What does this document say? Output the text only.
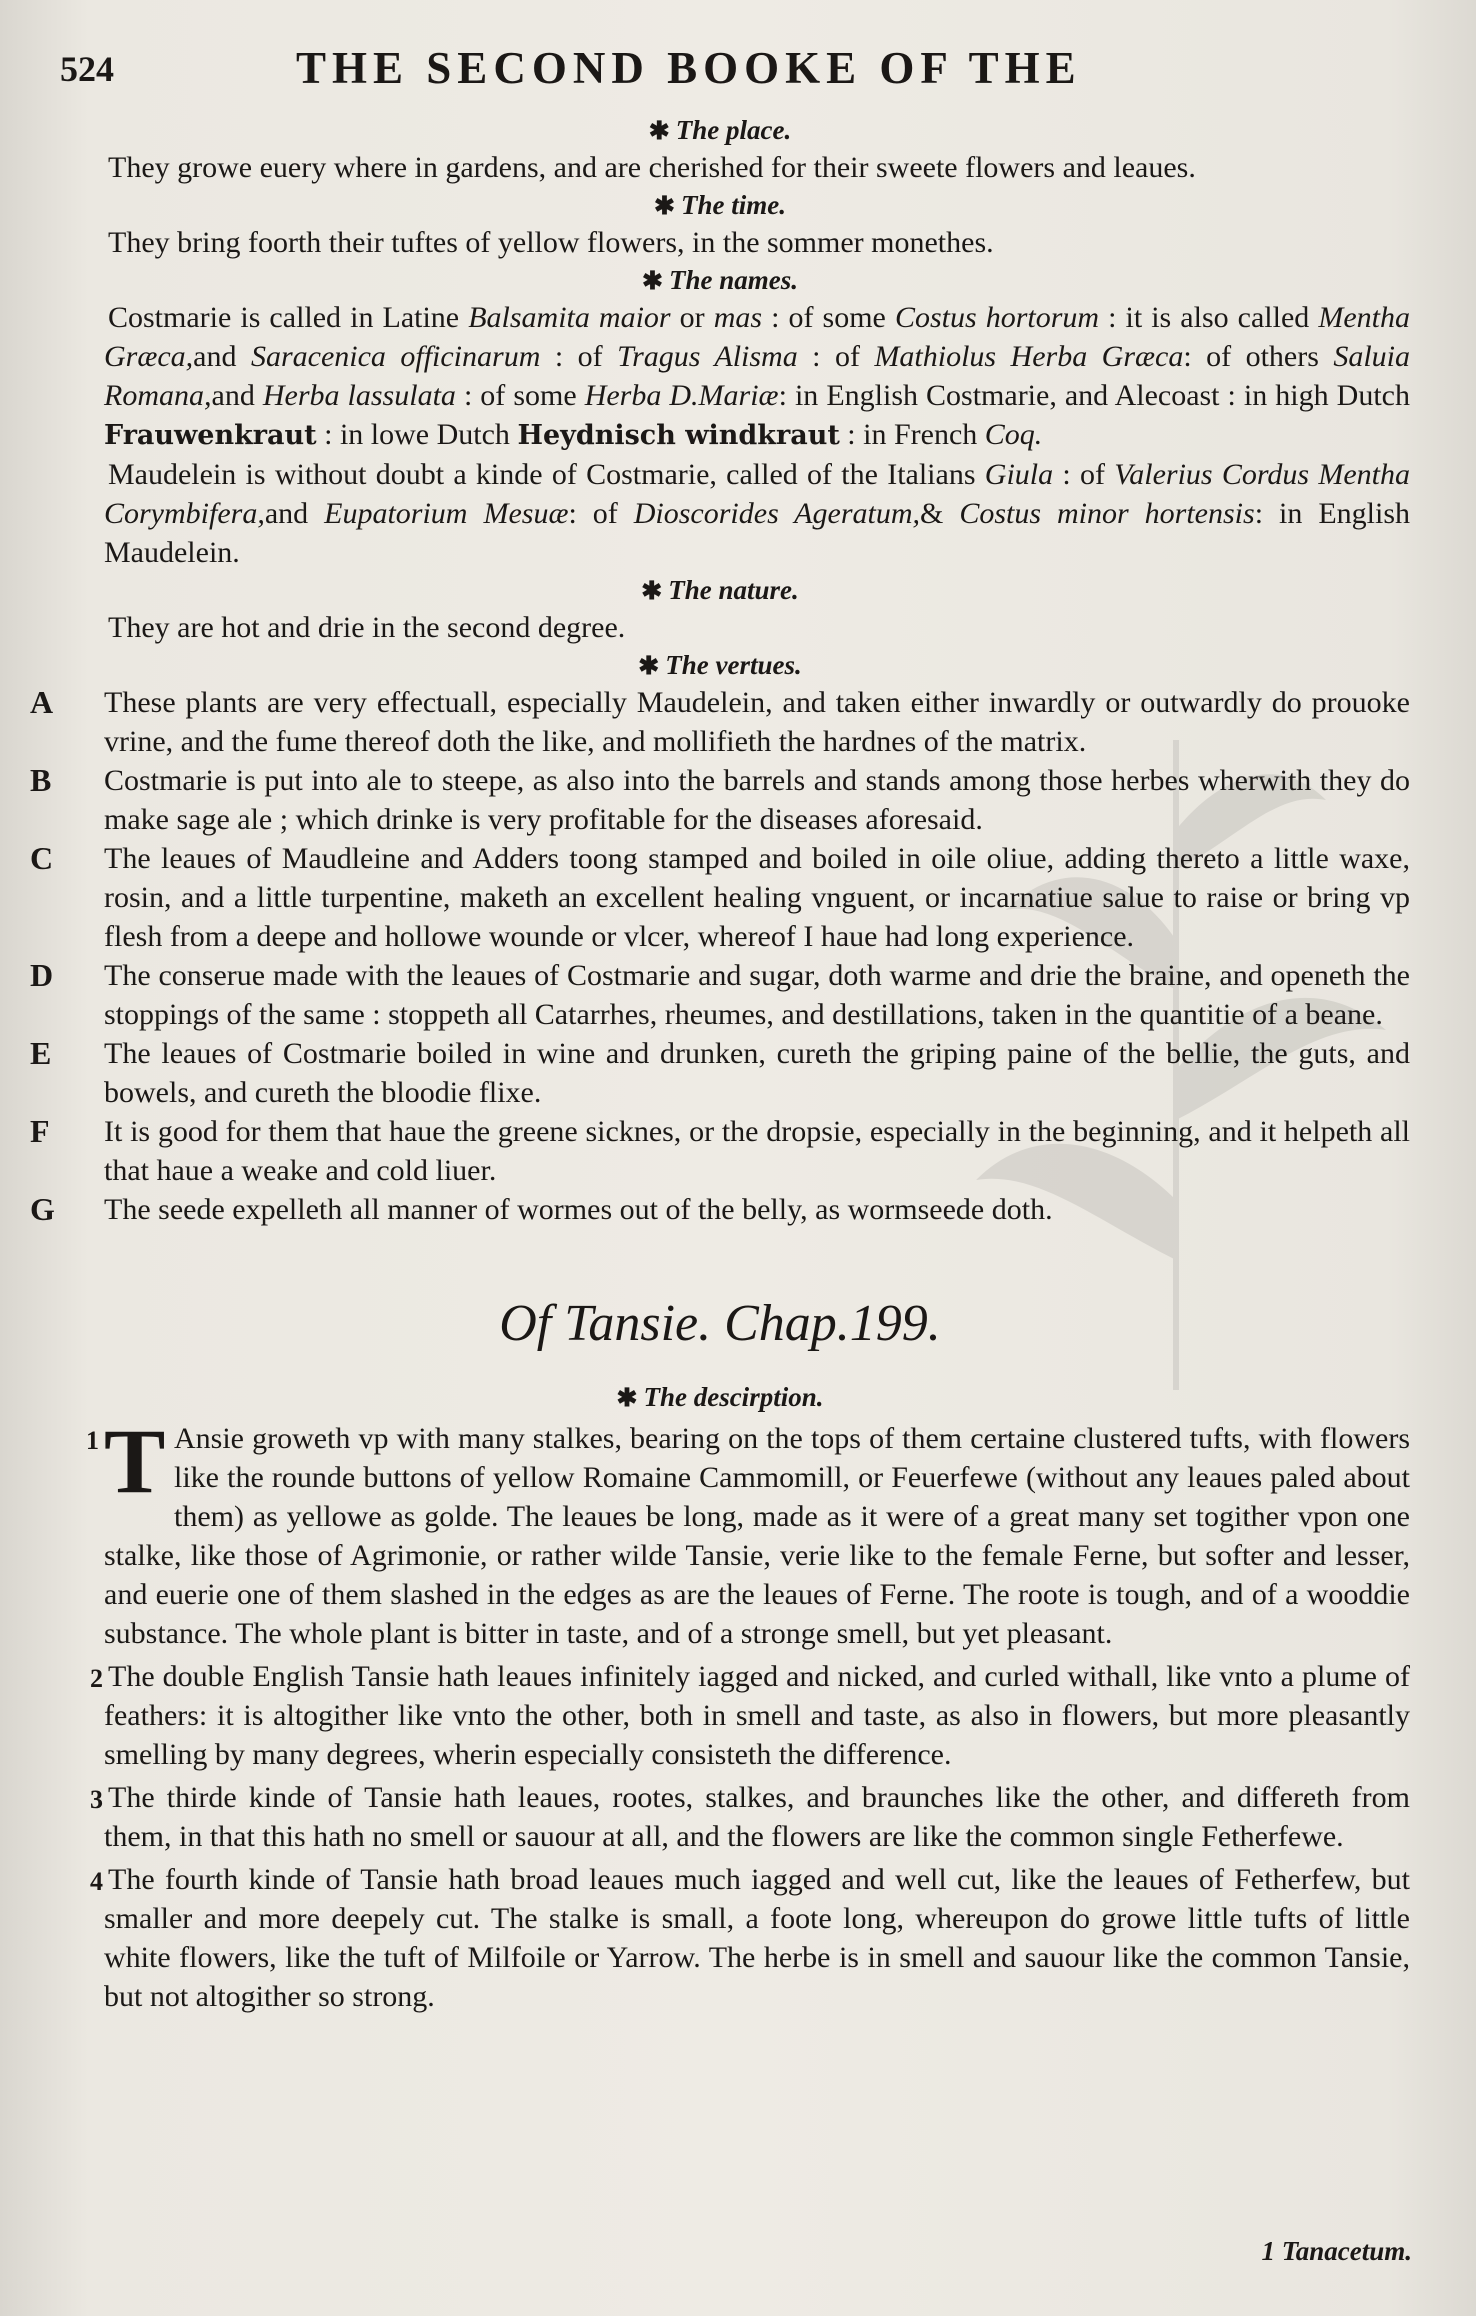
524	THE SECOND BOOKE OF THE
✱ The place.
They growe euery where in gardens, and are cherished for their sweete flowers and leaues.
✱ The time.
They bring foorth their tuftes of yellow flowers, in the sommer monethes.
✱ The names.
Costmarie is called in Latine Balsamita maior or mas : of some Costus hortorum : it is also called Mentha Græca,and Saracenica officinarum : of Tragus Alisma : of Mathiolus Herba Græca: of others Saluia Romana,and Herba lassulata : of some Herba D.Mariæ: in English Costmarie, and Alecoast : in high Dutch Frauwenkraut : in lowe Dutch Heydnisch windkraut : in French Coq.
Maudelein is without doubt a kinde of Costmarie, called of the Italians Giula : of Valerius Cordus Mentha Corymbifera,and Eupatorium Mesuæ: of Dioscorides Ageratum,& Costus minor hortensis: in English Maudelein.
✱ The nature.
They are hot and drie in the second degree.
✱ The vertues.
A	These plants are very effectuall, especially Maudelein, and taken either inwardly or outwardly do prouoke vrine, and the fume thereof doth the like, and mollifieth the hardnes of the matrix.
B	Costmarie is put into ale to steepe, as also into the barrels and stands among those herbes wherwith they do make sage ale ; which drinke is very profitable for the diseases aforesaid.
C	The leaues of Maudleine and Adders toong stamped and boiled in oile oliue, adding thereto a little waxe, rosin, and a little turpentine, maketh an excellent healing vnguent, or incarnatiue salue to raise or bring vp flesh from a deepe and hollowe wounde or vlcer, whereof I haue had long experience.
D	The conserue made with the leaues of Costmarie and sugar, doth warme and drie the braine, and openeth the stoppings of the same : stoppeth all Catarrhes, rheumes, and destillations, taken in the quantitie of a beane.
E	The leaues of Costmarie boiled in wine and drunken, cureth the griping paine of the bellie, the guts, and bowels, and cureth the bloodie flixe.
F	It is good for them that haue the greene sicknes, or the dropsie, especially in the beginning, and it helpeth all that haue a weake and cold liuer.
G	The seede expelleth all manner of wormes out of the belly, as wormseede doth.
Of Tansie. Chap.199.
✱ The descirption.
1 T Ansie groweth vp with many stalkes, bearing on the tops of them certaine clustered tufts, with flowers like the rounde buttons of yellow Romaine Cammomill, or Feuerfewe (without any leaues paled about them) as yellowe as golde. The leaues be long, made as it were of a great many set togither vpon one stalke, like those of Agrimonie, or rather wilde Tansie, verie like to the female Ferne, but softer and lesser, and euerie one of them slashed in the edges as are the leaues of Ferne. The roote is tough, and of a wooddie substance. The whole plant is bitter in taste, and of a stronge smell, but yet pleasant.
2 The double English Tansie hath leaues infinitely iagged and nicked, and curled withall, like vnto a plume of feathers: it is altogither like vnto the other, both in smell and taste, as also in flowers, but more pleasantly smelling by many degrees, wherin especially consisteth the difference.
3 The thirde kinde of Tansie hath leaues, rootes, stalkes, and braunches like the other, and differeth from them, in that this hath no smell or sauour at all, and the flowers are like the common single Fetherfewe.
4 The fourth kinde of Tansie hath broad leaues much iagged and well cut, like the leaues of Fetherfew, but smaller and more deepely cut. The stalke is small, a foote long, whereupon do growe little tufts of little white flowers, like the tuft of Milfoile or Yarrow. The herbe is in smell and sauour like the common Tansie, but not altogither so strong.
1 Tanacetum.
